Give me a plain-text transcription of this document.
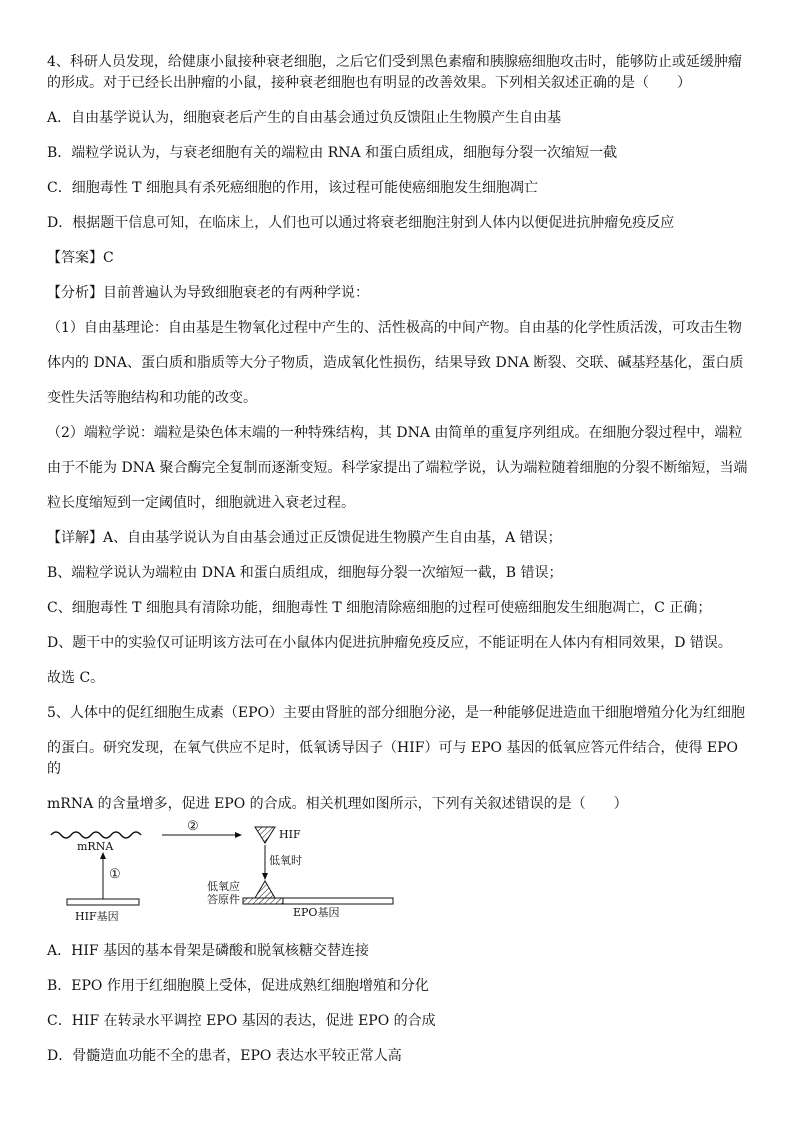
4、科研人员发现，给健康小鼠接种衰老细胞，之后它们受到黑色素瘤和胰腺癌细胞攻击时，能够防止或延缓肿瘤

的形成。对于已经长出肿瘤的小鼠，接种衰老细胞也有明显的改善效果。下列相关叙述正确的是（　　）

A．自由基学说认为，细胞衰老后产生的自由基会通过负反馈阻止生物膜产生自由基

B．端粒学说认为，与衰老细胞有关的端粒由 RNA 和蛋白质组成，细胞每分裂一次缩短一截

C．细胞毒性 T 细胞具有杀死癌细胞的作用，该过程可能使癌细胞发生细胞凋亡

D．根据题干信息可知，在临床上，人们也可以通过将衰老细胞注射到人体内以便促进抗肿瘤免疫反应

【答案】C

【分析】目前普遍认为导致细胞衰老的有两种学说：

（1）自由基理论：自由基是生物氧化过程中产生的、活性极高的中间产物。自由基的化学性质活泼，可攻击生物

体内的 DNA、蛋白质和脂质等大分子物质，造成氧化性损伤，结果导致 DNA 断裂、交联、碱基羟基化，蛋白质

变性失活等胞结构和功能的改变。

（2）端粒学说：端粒是染色体末端的一种特殊结构，其 DNA 由简单的重复序列组成。在细胞分裂过程中，端粒

由于不能为 DNA 聚合酶完全复制而逐渐变短。科学家提出了端粒学说，认为端粒随着细胞的分裂不断缩短，当端

粒长度缩短到一定阈值时，细胞就进入衰老过程。

【详解】A、自由基学说认为自由基会通过正反馈促进生物膜产生自由基，A 错误；

B、端粒学说认为端粒由 DNA 和蛋白质组成，细胞每分裂一次缩短一截，B 错误；

C、细胞毒性 T 细胞具有清除功能，细胞毒性 T 细胞清除癌细胞的过程可使癌细胞发生细胞凋亡，C 正确；

D、题干中的实验仅可证明该方法可在小鼠体内促进抗肿瘤免疫反应，不能证明在人体内有相同效果，D 错误。

故选 C。

5、人体中的促红细胞生成素（EPO）主要由肾脏的部分细胞分泌，是一种能够促进造血干细胞增殖分化为红细胞

的蛋白。研究发现，在氧气供应不足时，低氧诱导因子（HIF）可与 EPO 基因的低氧应答元件结合，使得 EPO 的

mRNA 的含量增多，促进 EPO 的合成。相关机理如图所示，下列有关叙述错误的是（　　）

mRNA
①
②
HIF
低氧时
低氧应
答原件
HIF基因	EPO基因

A．HIF 基因的基本骨架是磷酸和脱氧核糖交替连接

B．EPO 作用于红细胞膜上受体，促进成熟红细胞增殖和分化

C．HIF 在转录水平调控 EPO 基因的表达，促进 EPO 的合成

D．骨髓造血功能不全的患者，EPO 表达水平较正常人高
